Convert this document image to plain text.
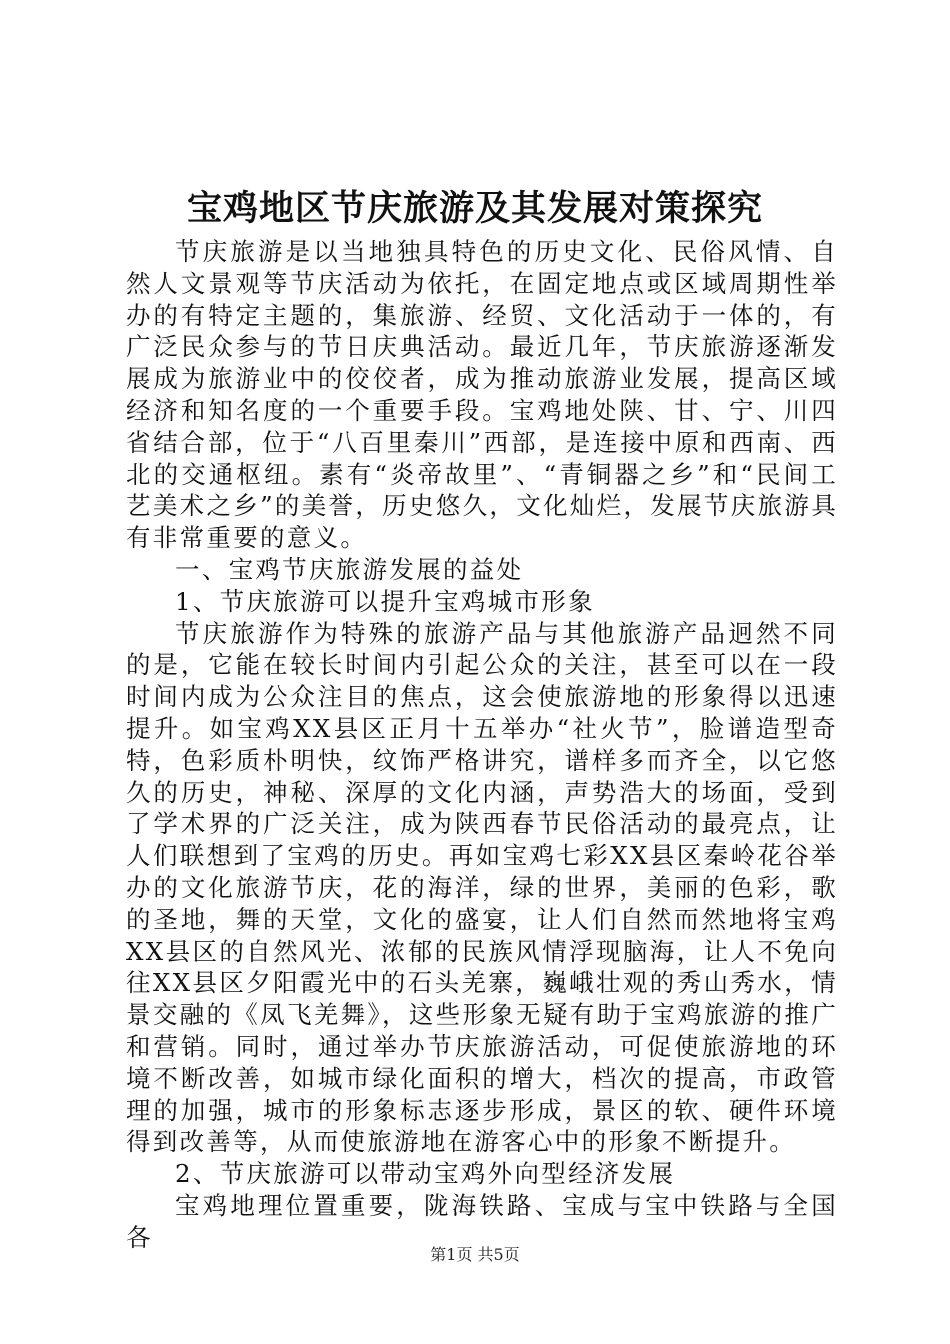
宝鸡地区节庆旅游及其发展对策探究

节庆旅游是以当地独具特色的历史文化、民俗风情、自然人文景观等节庆活动为依托，在固定地点或区域周期性举办的有特定主题的，集旅游、经贸、文化活动于一体的，有广泛民众参与的节日庆典活动。最近几年，节庆旅游逐渐发展成为旅游业中的佼佼者，成为推动旅游业发展，提高区域经济和知名度的一个重要手段。宝鸡地处陕、甘、宁、川四省结合部，位于“八百里秦川”西部，是连接中原和西南、西北的交通枢纽。素有“炎帝故里”、“青铜器之乡”和“民间工艺美术之乡”的美誉，历史悠久，文化灿烂，发展节庆旅游具有非常重要的意义。

一、宝鸡节庆旅游发展的益处

1、节庆旅游可以提升宝鸡城市形象

节庆旅游作为特殊的旅游产品与其他旅游产品迥然不同的是，它能在较长时间内引起公众的关注，甚至可以在一段时间内成为公众注目的焦点，这会使旅游地的形象得以迅速提升。如宝鸡XX县区正月十五举办“社火节”，脸谱造型奇特，色彩质朴明快，纹饰严格讲究，谱样多而齐全，以它悠久的历史，神秘、深厚的文化内涵，声势浩大的场面，受到了学术界的广泛关注，成为陕西春节民俗活动的最亮点，让人们联想到了宝鸡的历史。再如宝鸡七彩XX县区秦岭花谷举办的文化旅游节庆，花的海洋，绿的世界，美丽的色彩，歌的圣地，舞的天堂，文化的盛宴，让人们自然而然地将宝鸡XX县区的自然风光、浓郁的民族风情浮现脑海，让人不免向往XX县区夕阳霞光中的石头羌寨，巍峨壮观的秀山秀水，情景交融的《凤飞羌舞》，这些形象无疑有助于宝鸡旅游的推广和营销。同时，通过举办节庆旅游活动，可促使旅游地的环境不断改善，如城市绿化面积的增大，档次的提高，市政管理的加强，城市的形象标志逐步形成，景区的软、硬件环境得到改善等，从而使旅游地在游客心中的形象不断提升。

2、节庆旅游可以带动宝鸡外向型经济发展

宝鸡地理位置重要，陇海铁路、宝成与宝中铁路与全国各

第1页 共5页
